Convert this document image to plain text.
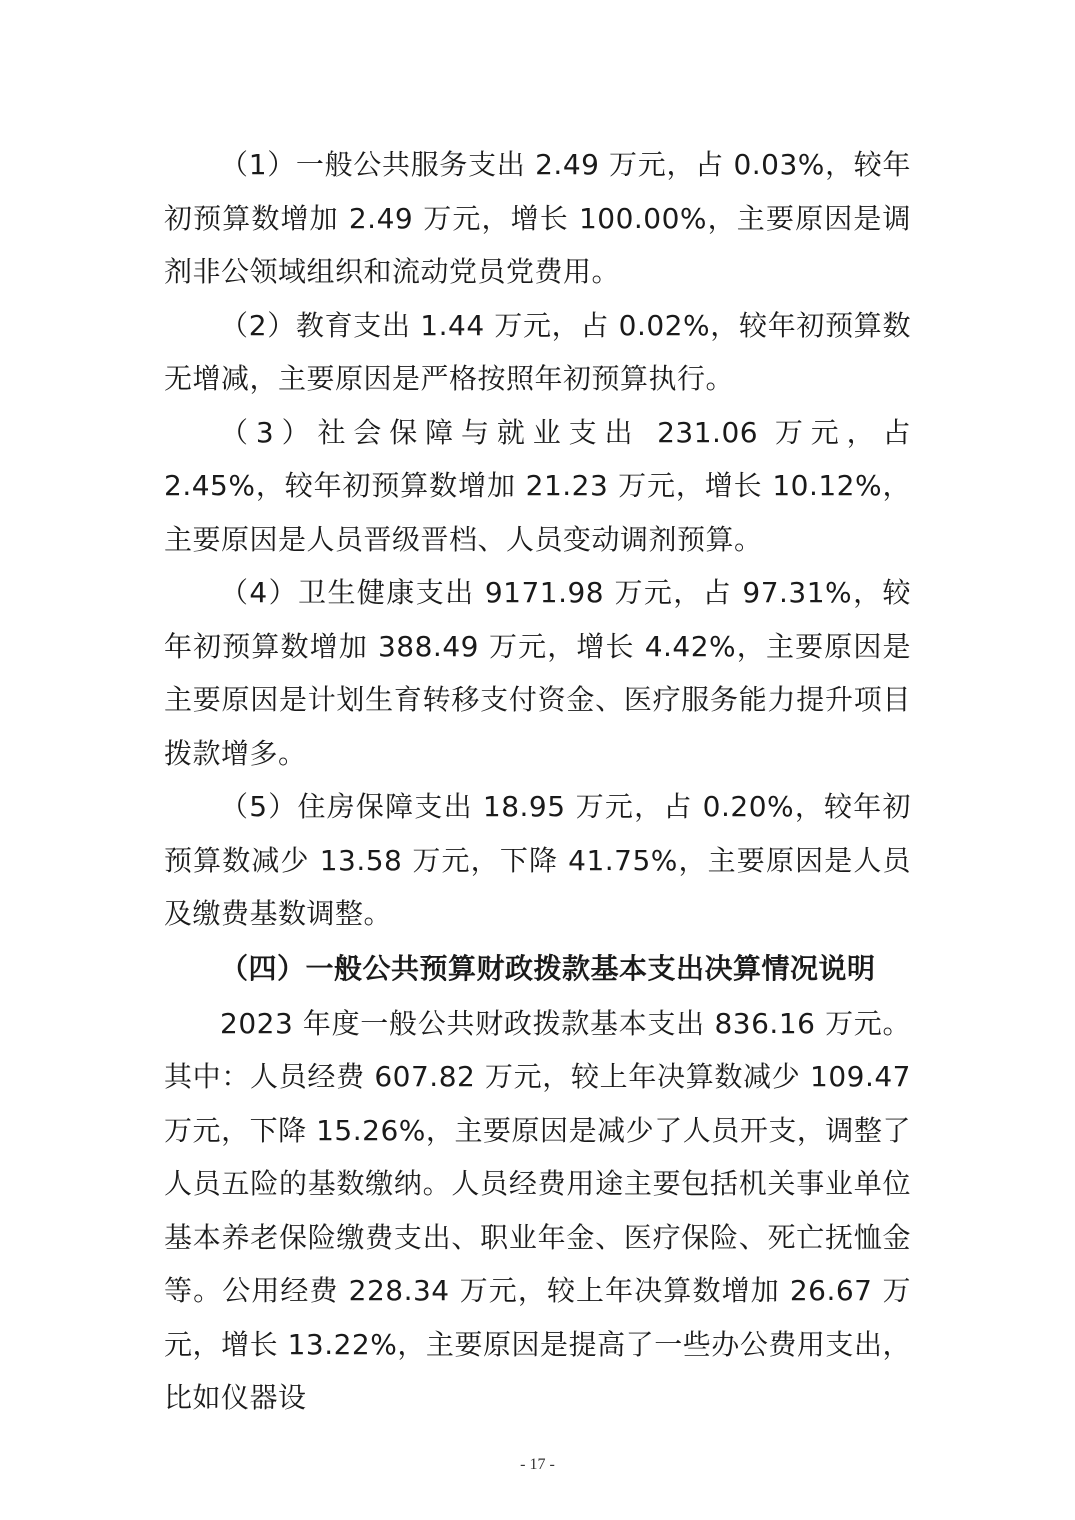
（1）一般公共服务支出 2.49 万元，占 0.03%，较年初预算数增加 2.49 万元，增长 100.00%，主要原因是调剂非公领域组织和流动党员党费用。

（2）教育支出 1.44 万元，占 0.02%，较年初预算数无增减，主要原因是严格按照年初预算执行。

（3）社会保障与就业支出 231.06 万元，占 2.45%，较年初预算数增加 21.23 万元，增长 10.12%，主要原因是人员晋级晋档、人员变动调剂预算。

（4）卫生健康支出 9171.98 万元，占 97.31%，较年初预算数增加 388.49 万元，增长 4.42%，主要原因是主要原因是计划生育转移支付资金、医疗服务能力提升项目拨款增多。

（5）住房保障支出 18.95 万元，占 0.20%，较年初预算数减少 13.58 万元，下降 41.75%，主要原因是人员及缴费基数调整。

（四）一般公共预算财政拨款基本支出决算情况说明

2023 年度一般公共财政拨款基本支出 836.16 万元。其中：人员经费 607.82 万元，较上年决算数减少 109.47 万元，下降 15.26%，主要原因是减少了人员开支，调整了人员五险的基数缴纳。人员经费用途主要包括机关事业单位基本养老保险缴费支出、职业年金、医疗保险、死亡抚恤金等。公用经费 228.34 万元，较上年决算数增加 26.67 万元，增长 13.22%，主要原因是提高了一些办公费用支出，比如仪器设

- 17 -
